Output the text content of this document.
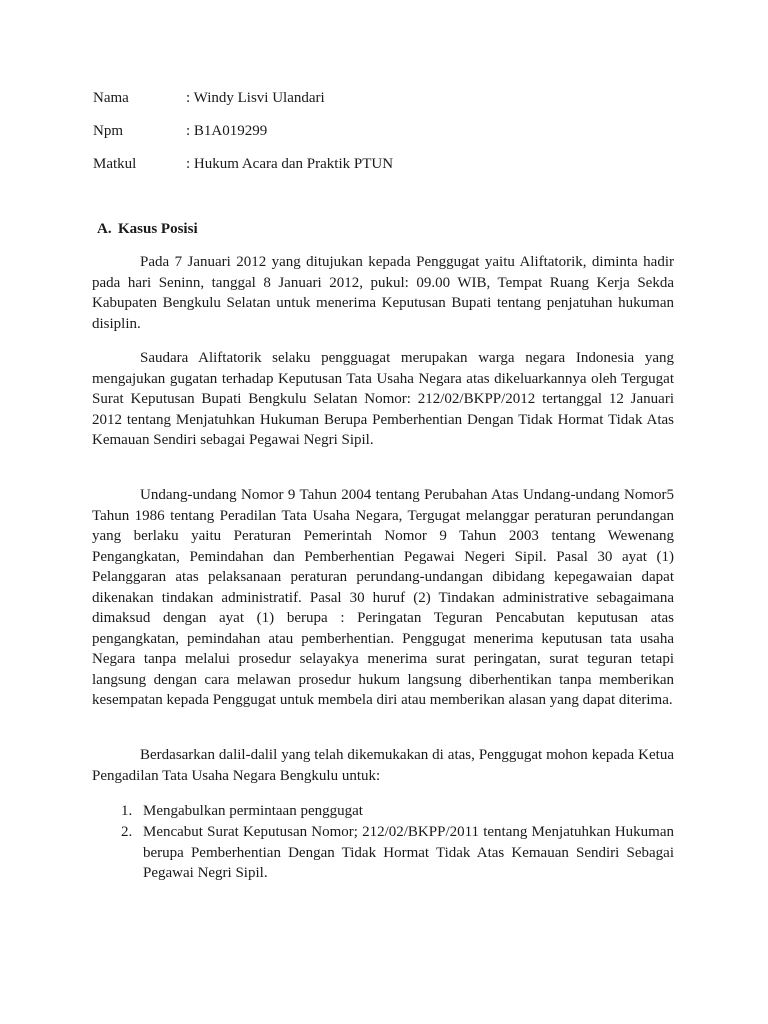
Nama	: Windy Lisvi Ulandari
Npm	: B1A019299
Matkul	: Hukum Acara dan Praktik PTUN
A. Kasus Posisi

Pada 7 Januari 2012 yang ditujukan kepada Penggugat yaitu Aliftatorik, diminta hadir pada hari Seninn, tanggal 8 Januari 2012, pukul: 09.00 WIB, Tempat Ruang Kerja Sekda Kabupaten Bengkulu Selatan untuk menerima Keputusan Bupati tentang penjatuhan hukuman disiplin.

Saudara Aliftatorik selaku pengguagat merupakan warga negara Indonesia yang mengajukan gugatan terhadap Keputusan Tata Usaha Negara atas dikeluarkannya oleh Tergugat Surat Keputusan Bupati Bengkulu Selatan Nomor: 212/02/BKPP/2012 tertanggal 12 Januari 2012 tentang Menjatuhkan Hukuman Berupa Pemberhentian Dengan Tidak Hormat Tidak Atas Kemauan Sendiri sebagai Pegawai Negri Sipil.

Undang-undang Nomor 9 Tahun 2004 tentang Perubahan Atas Undang-undang Nomor5 Tahun 1986 tentang Peradilan Tata Usaha Negara, Tergugat melanggar peraturan perundangan yang berlaku yaitu Peraturan Pemerintah Nomor 9 Tahun 2003 tentang Wewenang Pengangkatan, Pemindahan dan Pemberhentian Pegawai Negeri Sipil. Pasal 30 ayat (1) Pelanggaran atas pelaksanaan peraturan perundang-undangan dibidang kepegawaian dapat dikenakan tindakan administratif. Pasal 30 huruf (2) Tindakan administrative sebagaimana dimaksud dengan ayat (1) berupa : Peringatan Teguran Pencabutan keputusan atas pengangkatan, pemindahan atau pemberhentian. Penggugat menerima keputusan tata usaha Negara tanpa melalui prosedur selayakya menerima surat peringatan, surat teguran tetapi langsung dengan cara melawan prosedur hukum langsung diberhentikan tanpa memberikan kesempatan kepada Penggugat untuk membela diri atau memberikan alasan yang dapat diterima.

Berdasarkan dalil-dalil yang telah dikemukakan di atas, Penggugat mohon kepada Ketua Pengadilan Tata Usaha Negara Bengkulu untuk:

1. Mengabulkan permintaan penggugat
2. Mencabut Surat Keputusan Nomor; 212/02/BKPP/2011 tentang Menjatuhkan Hukuman berupa Pemberhentian Dengan Tidak Hormat Tidak Atas Kemauan Sendiri Sebagai Pegawai Negri Sipil.
